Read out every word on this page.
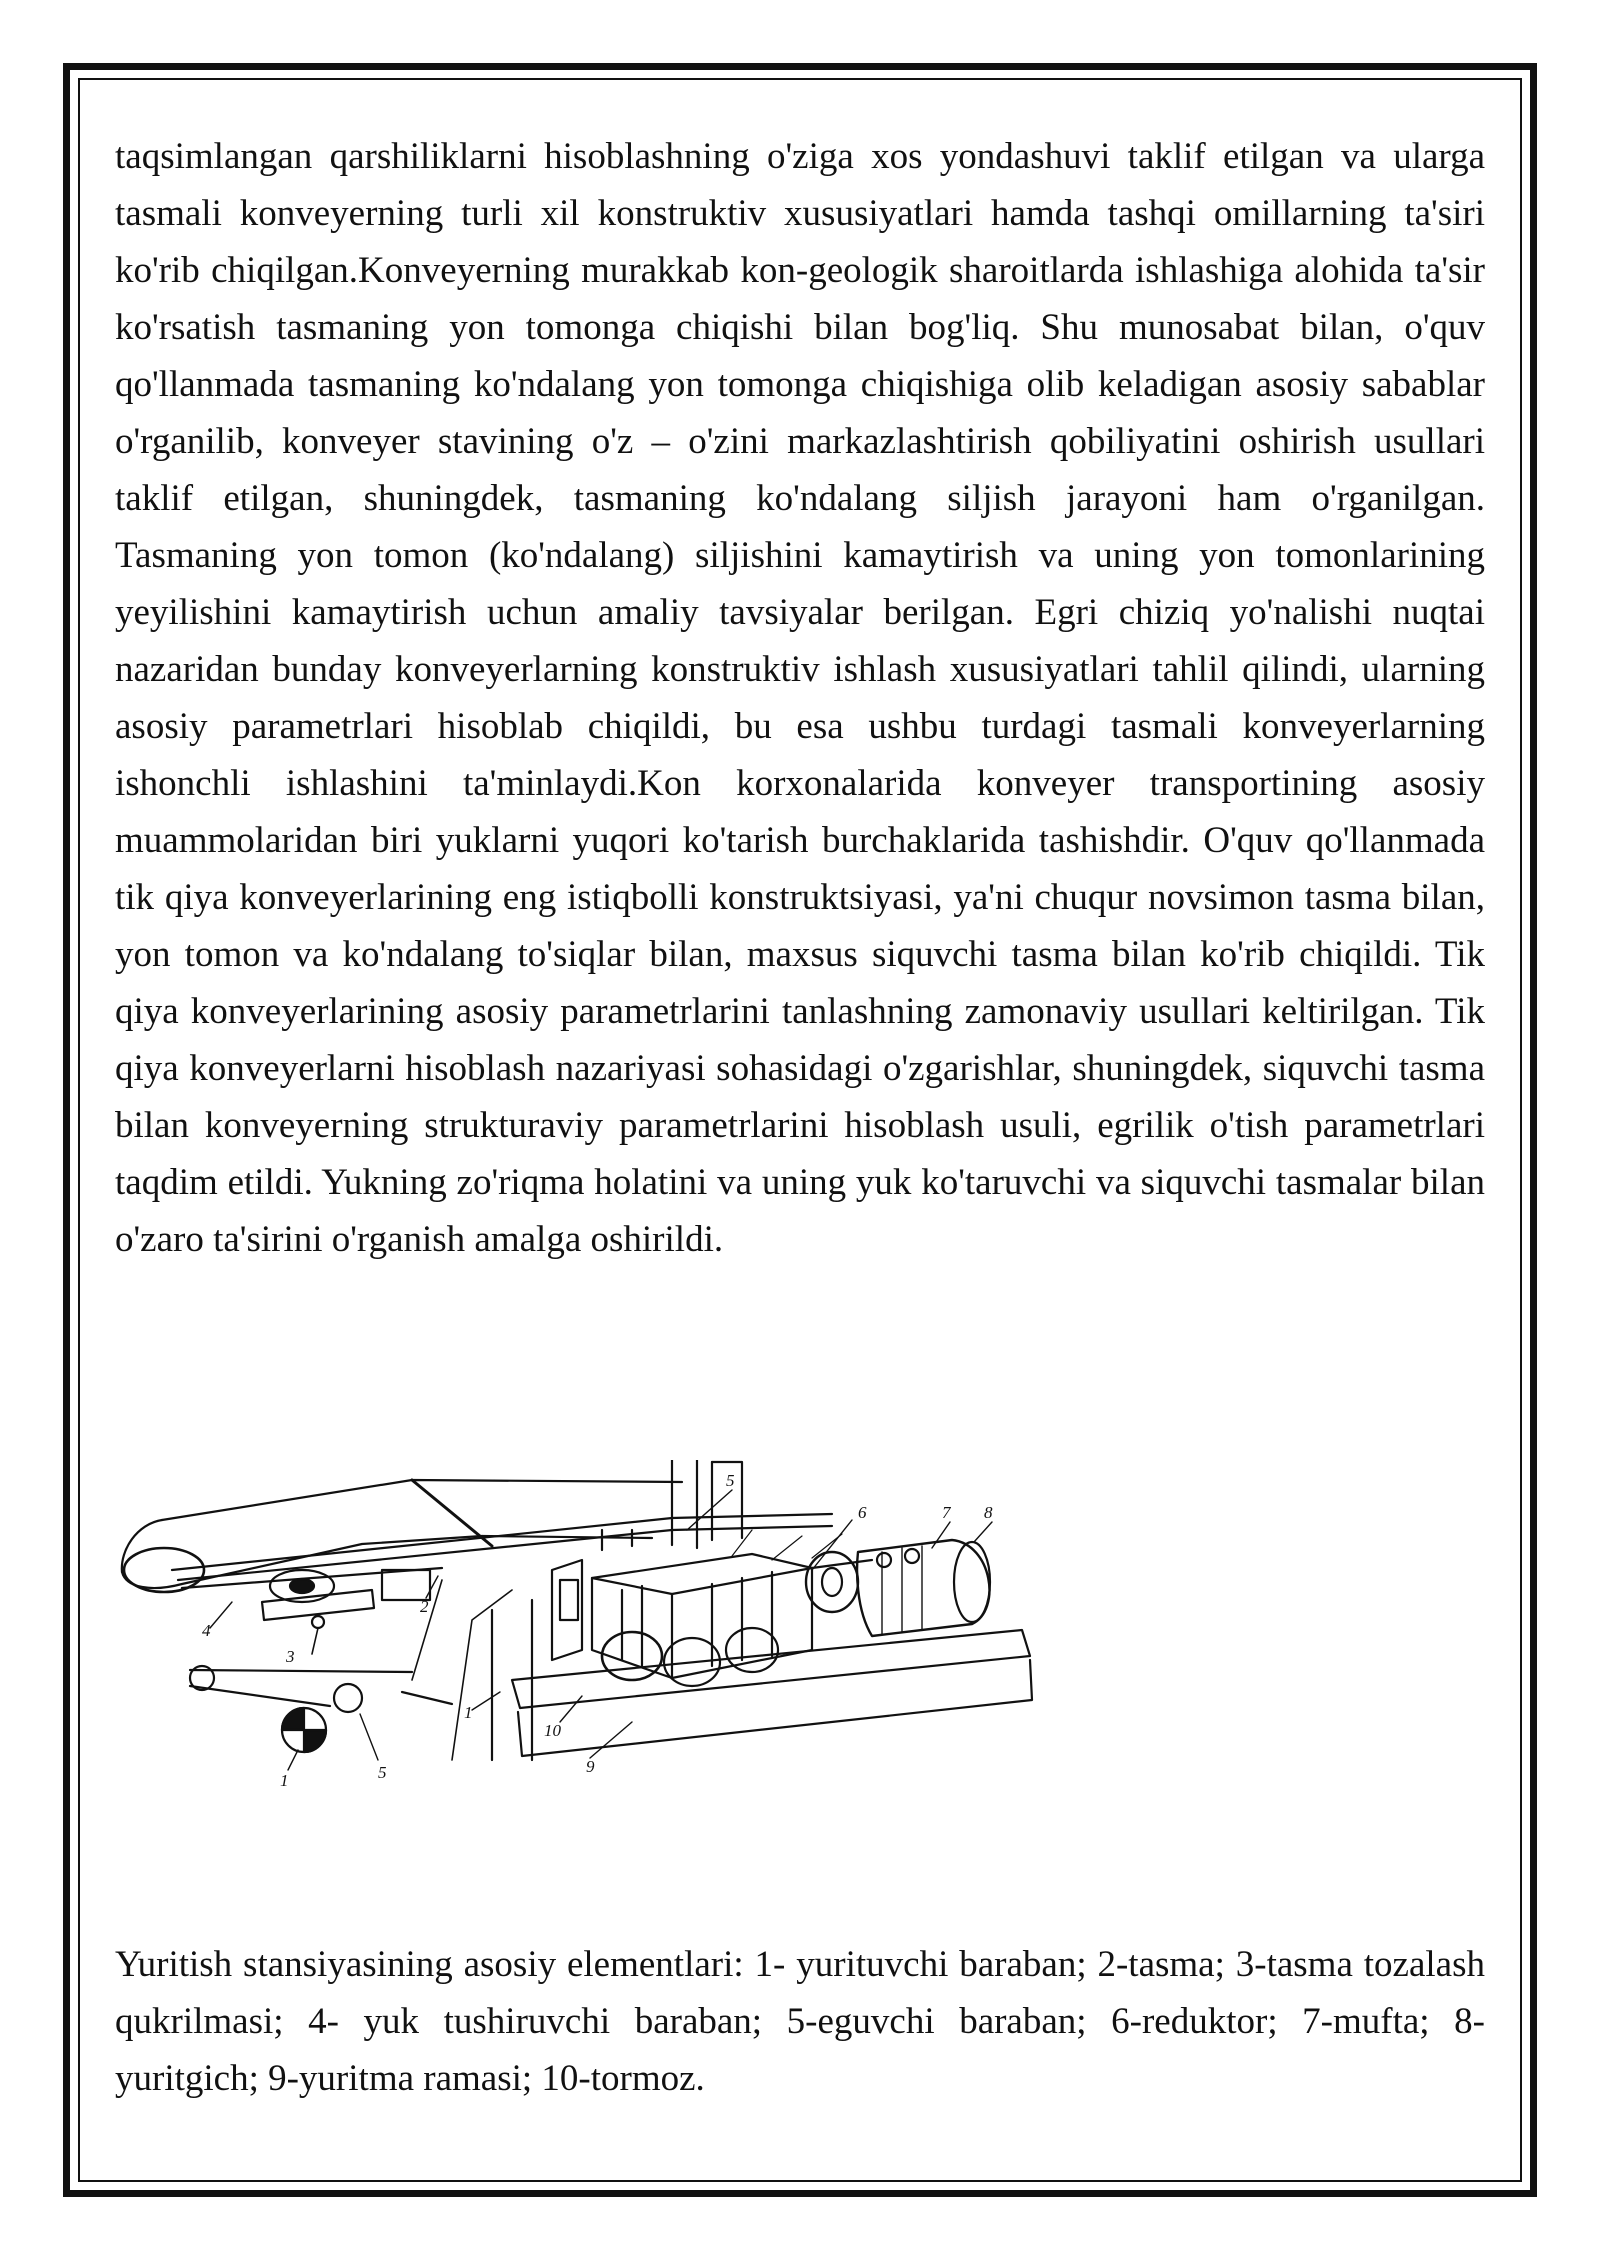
taqsimlangan qarshiliklarni hisoblashning o'ziga xos yondashuvi taklif etilgan va ularga tasmali konveyerning turli xil konstruktiv xususiyatlari hamda tashqi omillarning ta'siri ko'rib chiqilgan.Konveyerning murakkab kon-geologik sharoitlarda ishlashiga alohida ta'sir ko'rsatish tasmaning yon tomonga chiqishi bilan bog'liq. Shu munosabat bilan, o'quv qo'llanmada tasmaning ko'ndalang yon tomonga chiqishiga olib keladigan asosiy sabablar o'rganilib, konveyer stavining o'z – o'zini markazlashtirish qobiliyatini oshirish usullari taklif etilgan, shuningdek, tasmaning ko'ndalang siljish jarayoni ham o'rganilgan. Tasmaning yon tomon (ko'ndalang) siljishini kamaytirish va uning yon tomonlarining yeyilishini kamaytirish uchun amaliy tavsiyalar berilgan. Egri chiziq yo'nalishi nuqtai nazaridan bunday konveyerlarning konstruktiv ishlash xususiyatlari tahlil qilindi, ularning asosiy parametrlari hisoblab chiqildi, bu esa ushbu turdagi tasmali konveyerlarning ishonchli ishlashini ta'minlaydi.Kon korxonalarida konveyer transportining asosiy muammolaridan biri yuklarni yuqori ko'tarish burchaklarida tashishdir. O'quv qo'llanmada tik qiya konveyerlarining eng istiqbolli konstruktsiyasi, ya'ni chuqur novsimon tasma bilan, yon tomon va ko'ndalang to'siqlar bilan, maxsus siquvchi tasma bilan ko'rib chiqildi. Tik qiya konveyerlarining asosiy parametrlarini tanlashning zamonaviy usullari keltirilgan. Tik qiya konveyerlarni hisoblash nazariyasi sohasidagi o'zgarishlar, shuningdek, siquvchi tasma bilan konveyerning strukturaviy parametrlarini hisoblash usuli, egrilik o'tish parametrlari taqdim etildi. Yukning zo'riqma holatini va uning yuk ko'taruvchi va siquvchi tasmalar bilan o'zaro ta'sirini o'rganish amalga oshirildi.

5
6	7 8
2
4
3
1
10
9
1	5

Yuritish stansiyasining asosiy elementlari: 1- yurituvchi baraban; 2-tasma; 3-tasma tozalash qukrilmasi; 4- yuk tushiruvchi baraban; 5-eguvchi baraban; 6-reduktor; 7-mufta; 8-yuritgich; 9-yuritma ramasi; 10-tormoz.
